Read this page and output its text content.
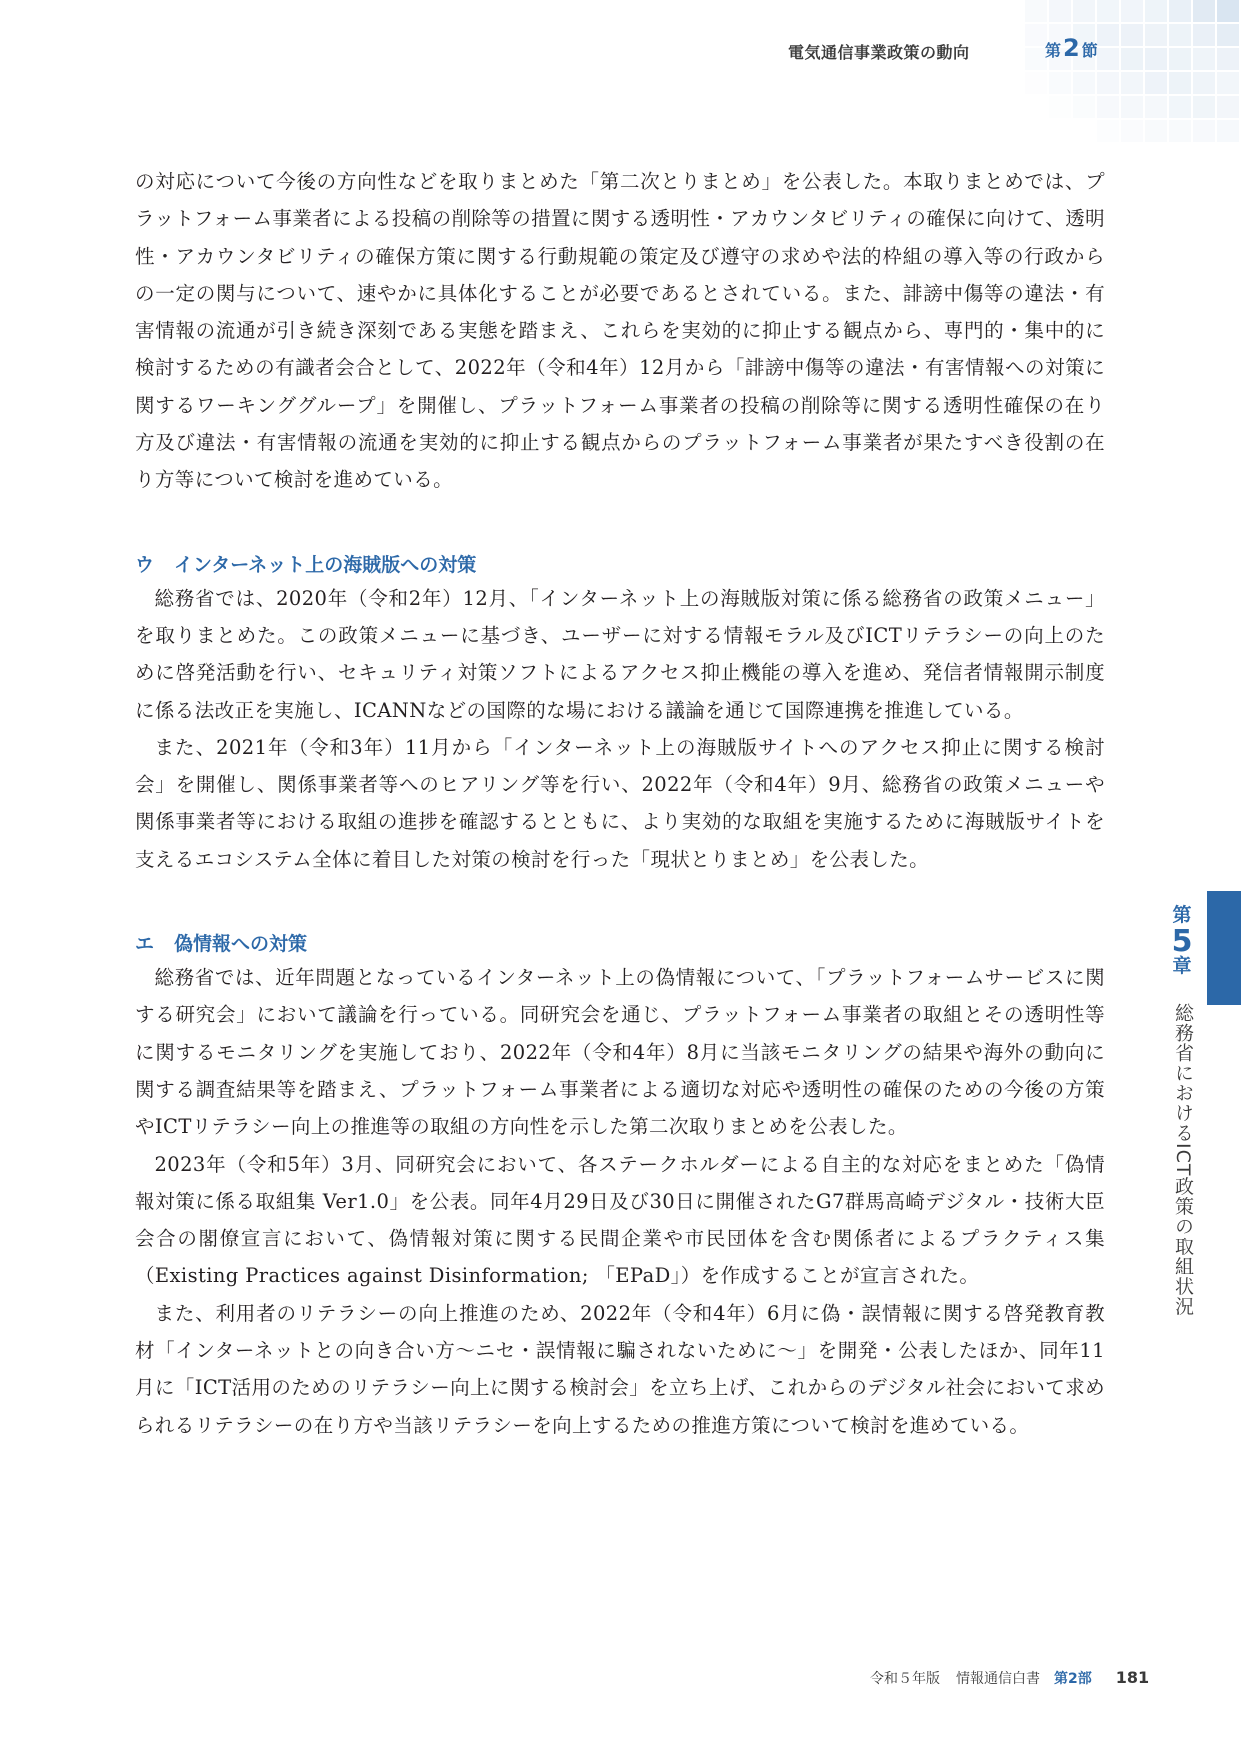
電気通信事業政策の動向	第2 節

の対応について今後の方向性などを取りまとめた「第二次とりまとめ」を公表した。本取りまとめでは、プラットフォーム事業者による投稿の削除等の措置に関する透明性・アカウンタビリティの確保に向けて、透明性・アカウンタビリティの確保方策に関する行動規範の策定及び遵守の求めや法的枠組の導入等の行政からの一定の関与について、速やかに具体化することが必要であるとされている。また、誹謗中傷等の違法・有害情報の流通が引き続き深刻である実態を踏まえ、これらを実効的に抑止する観点から、専門的・集中的に検討するための有識者会合として、2022年（令和4年）12月から「誹謗中傷等の違法・有害情報への対策に関するワーキンググループ」を開催し、プラットフォーム事業者の投稿の削除等に関する透明性確保の在り方及び違法・有害情報の流通を実効的に抑止する観点からのプラットフォーム事業者が果たすべき役割の在り方等について検討を進めている。

ウ インターネット上の海賊版への対策

総務省では、2020年（令和2年）12月、「インターネット上の海賊版対策に係る総務省の政策メニュー」を取りまとめた。この政策メニューに基づき、ユーザーに対する情報モラル及びICTリテラシーの向上のために啓発活動を行い、セキュリティ対策ソフトによるアクセス抑止機能の導入を進め、発信者情報開示制度に係る法改正を実施し、ICANNなどの国際的な場における議論を通じて国際連携を推進している。

また、2021年（令和3年）11月から「インターネット上の海賊版サイトへのアクセス抑止に関する検討会」を開催し、関係事業者等へのヒアリング等を行い、2022年（令和4年）9月、総務省の政策メニューや関係事業者等における取組の進捗を確認するとともに、より実効的な取組を実施するために海賊版サイトを支えるエコシステム全体に着目した対策の検討を行った「現状とりまとめ」を公表した。

エ 偽情報への対策

総務省では、近年問題となっているインターネット上の偽情報について、「プラットフォームサービスに関する研究会」において議論を行っている。同研究会を通じ、プラットフォーム事業者の取組とその透明性等に関するモニタリングを実施しており、2022年（令和4年）8月に当該モニタリングの結果や海外の動向に関する調査結果等を踏まえ、プラットフォーム事業者による適切な対応や透明性の確保のための今後の方策やICTリテラシー向上の推進等の取組の方向性を示した第二次取りまとめを公表した。

2023年（令和5年）3月、同研究会において、各ステークホルダーによる自主的な対応をまとめた「偽情報対策に係る取組集 Ver1.0」を公表。同年4月29日及び30日に開催されたG7群馬高崎デジタル・技術大臣会合の閣僚宣言において、偽情報対策に関する民間企業や市民団体を含む関係者によるプラクティス集（Existing Practices against Disinformation; 「EPaD」）を作成することが宣言された。

また、利用者のリテラシーの向上推進のため、2022年（令和4年）6月に偽・誤情報に関する啓発教育教材「インターネットとの向き合い方～ニセ・誤情報に騙されないために～」を開発・公表したほか、同年11月に「ICT活用のためのリテラシー向上に関する検討会」を立ち上げ、これからのデジタル社会において求められるリテラシーの在り方や当該リテラシーを向上するための推進方策について検討を進めている。

第
5
章
総務省におけるICT政策の取組状況
令和５年版 情報通信白書 第2部 181
